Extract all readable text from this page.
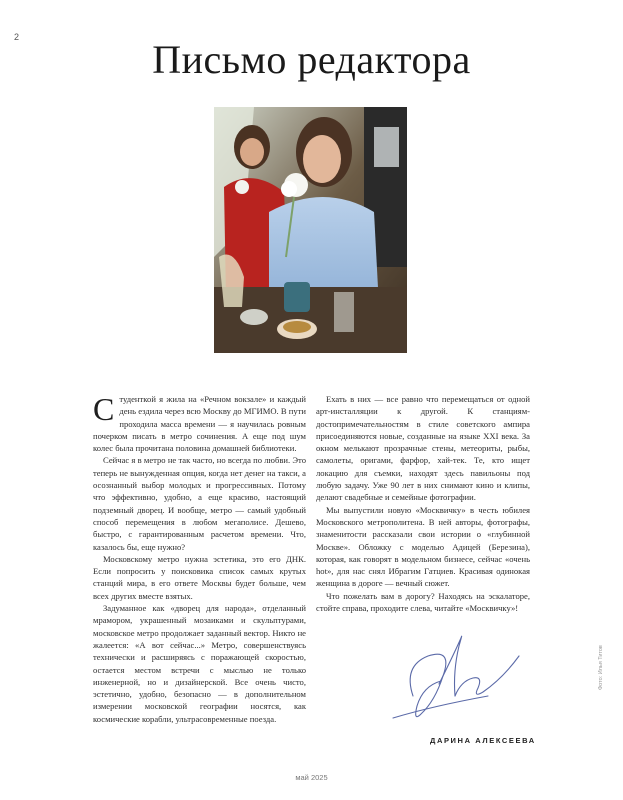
2	Письмо редактора

Студенткой я жила на «Речном вокзале» и каждый день ездила через всю Москву до МГИМО. В пути проходила масса времени — я научилась ровным почерком писать в метро сочинения. А еще под шум колес была прочитана половина домашней библиотеки.

Сейчас я в метро не так часто, но всегда по любви. Это теперь не вынужденная опция, когда нет денег на такси, а осознанный выбор молодых и прогрессивных. Потому что эффективно, удобно, а еще красиво, настоящий подземный дворец. И вообще, метро — самый удобный способ перемещения в любом мегаполисе. Дешево, быстро, с гарантированным расчетом времени. Что, казалось бы, еще нужно?

Московскому метро нужна эстетика, это его ДНК. Если попросить у поисковика список самых крутых станций мира, в его ответе Москвы будет больше, чем всех других вместе взятых.

Задуманное как «дворец для народа», отделанный мрамором, украшенный мозаиками и скульптурами, московское метро продолжает заданный вектор. Никто не жалеется: «А вот сейчас...» Метро, совершенствуясь технически и расширяясь с поражающей скоростью, остается местом встречи с мыслью не только инженерной, но и дизайнерской. Все очень чисто, эстетично, удобно, безопасно — в дополнительном измерении московской географии носятся, как космические корабли, ультрасовременные поезда.

Ехать в них — все равно что перемещаться от одной арт-инсталляции к другой. К станциям-достопримечательностям в стиле советского ампира присоединяются новые, созданные на языке XXI века. За окном мелькают прозрачные стены, метеориты, рыбы, самолеты, оригами, фарфор, хай-тек. Те, кто ищет локацию для съемки, находят здесь павильоны под любую задачу. Уже 90 лет в них снимают кино и клипы, делают свадебные и семейные фотографии.

Мы выпустили новую «Москвичку» в честь юбилея Московского метрополитена. В ней авторы, фотографы, знаменитости рассказали свои истории о «глубинной Москве». Обложку с моделью Адицей (Березина), которая, как говорят в модельном бизнесе, сейчас «очень hot», для нас снял Ибрагим Гатциев. Красивая одинокая женщина в дороге — вечный сюжет.

Что пожелать вам в дорогу? Находясь на эскалаторе, стойте справа, проходите слева, читайте «Москвичку»!

ДАРИНА АЛЕКСЕЕВА
май 2025
Фото: Илья Титов
